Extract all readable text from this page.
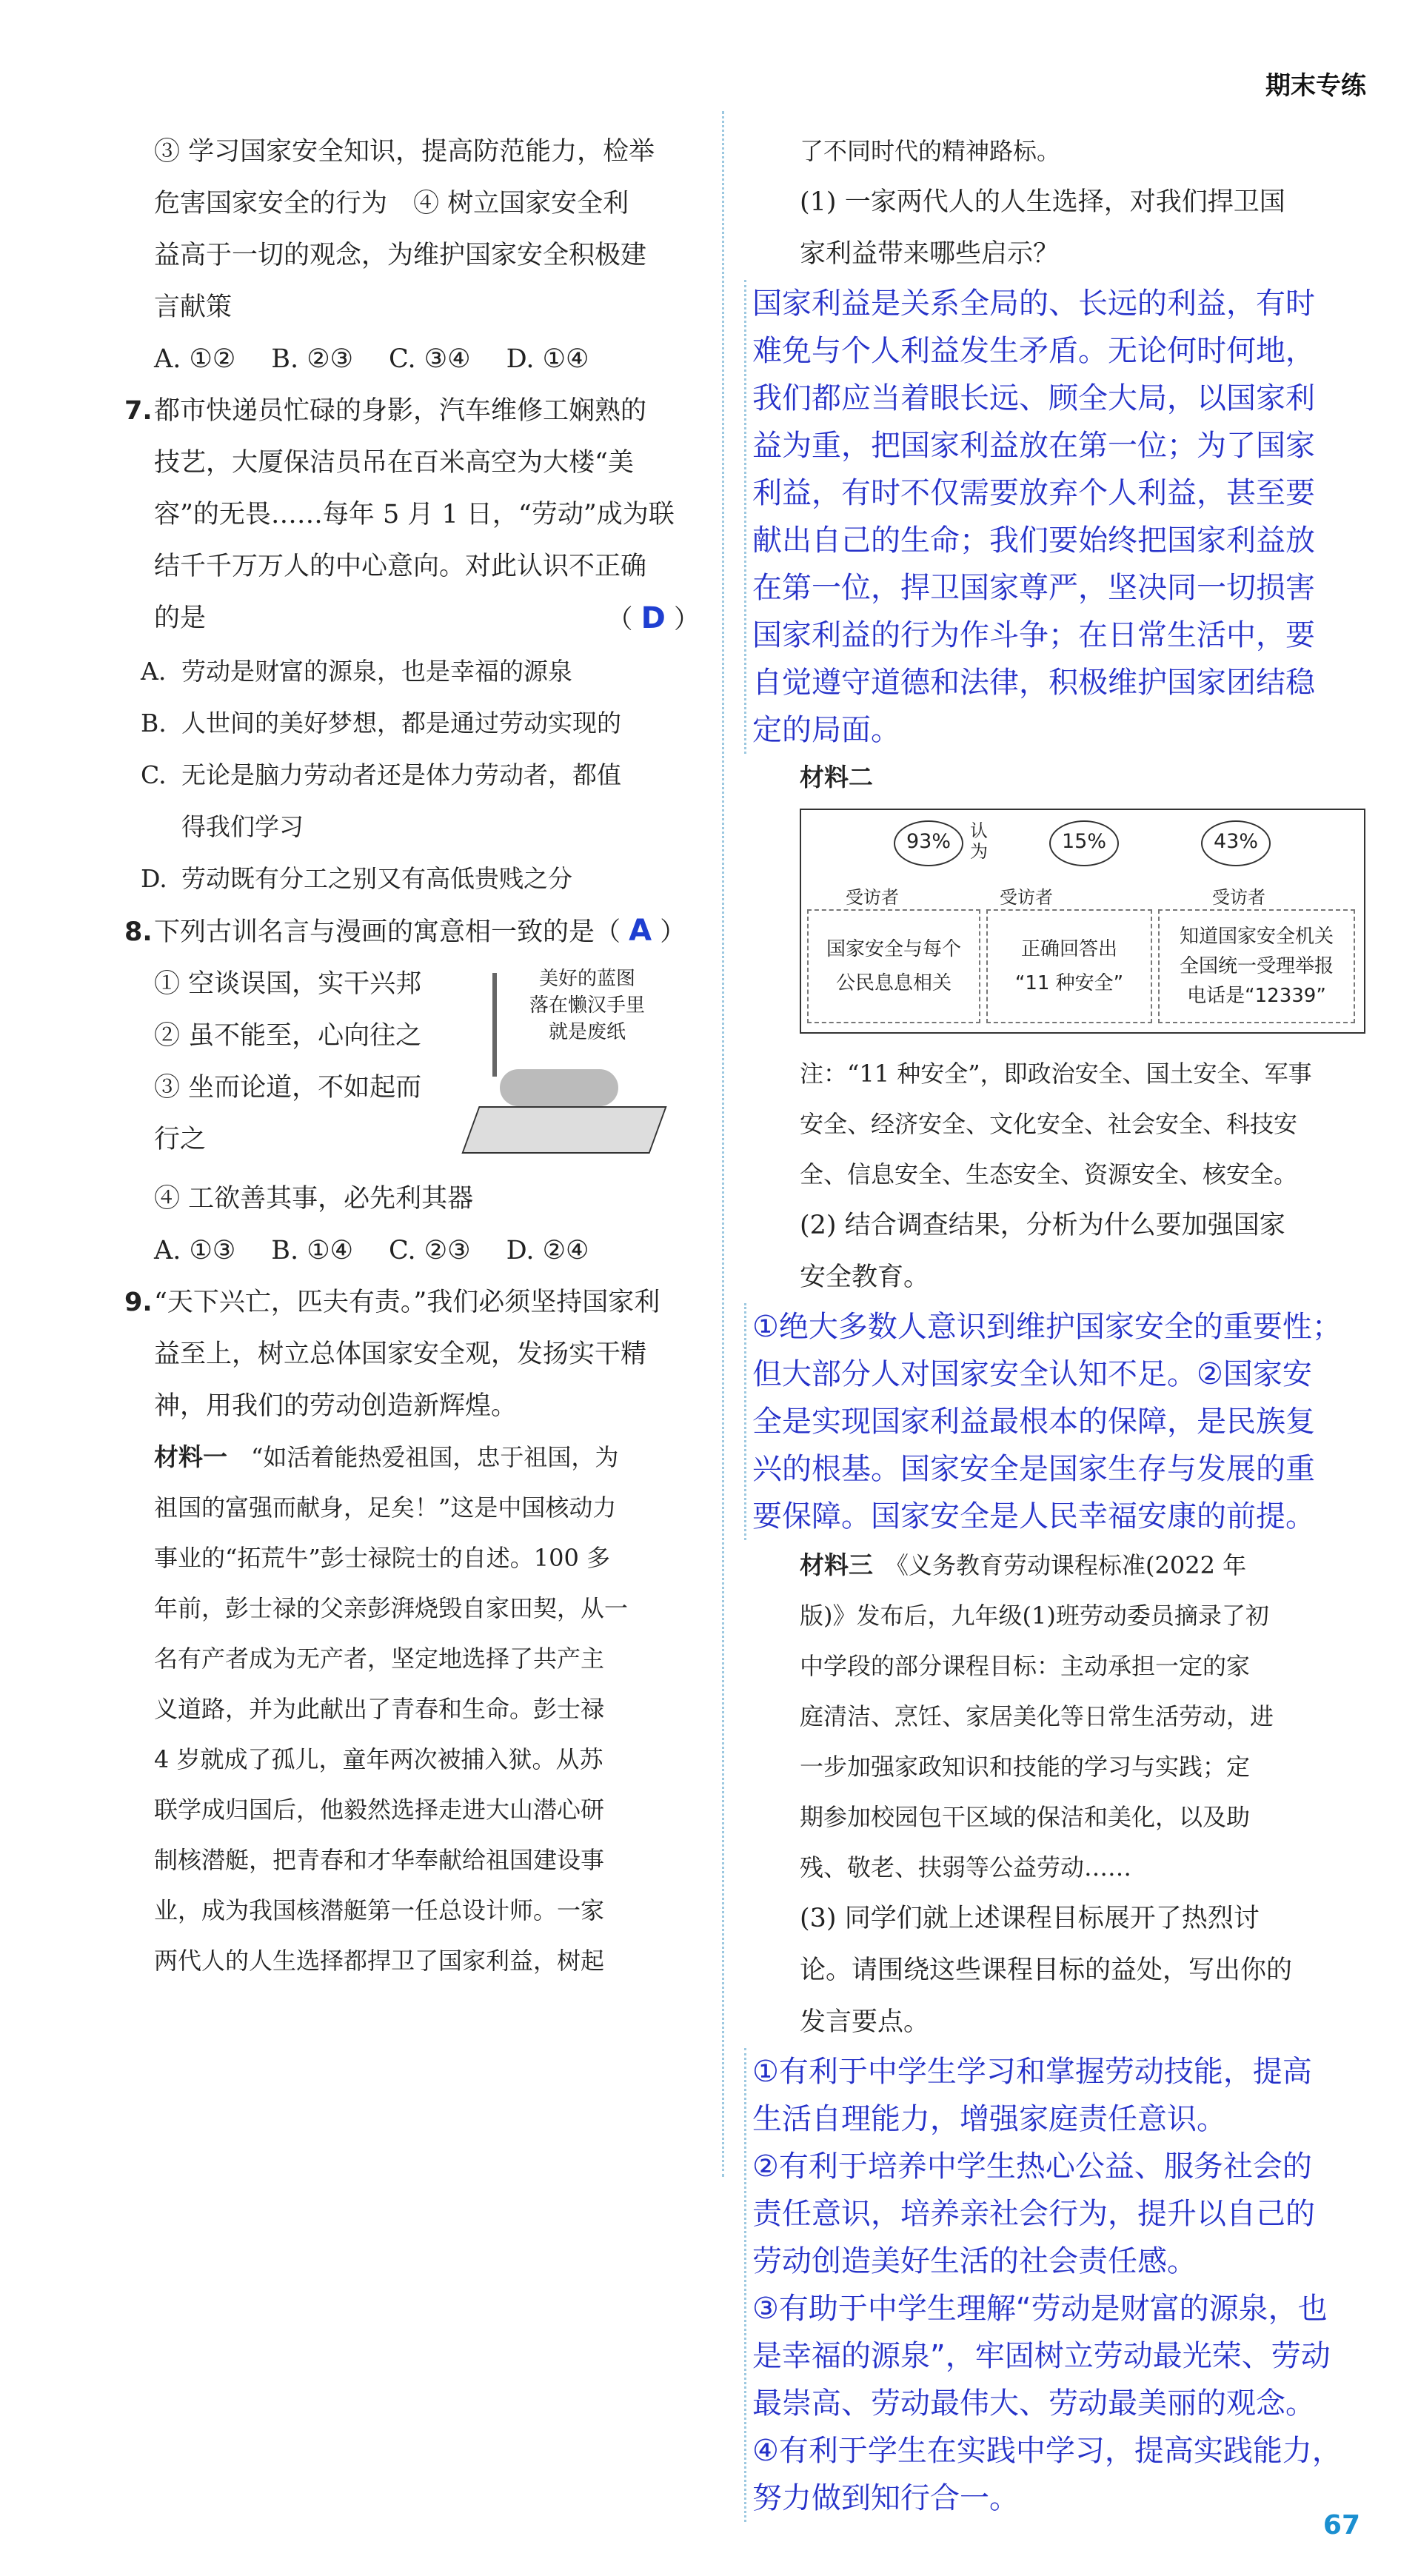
期末专练
③ 学习国家安全知识，提高防范能力，检举
危害国家安全的行为　④ 树立国家安全利
益高于一切的观念，为维护国家安全积极建
言献策
A. ①② B. ②③ C. ③④ D. ①④
7.都市快递员忙碌的身影，汽车维修工娴熟的
技艺，大厦保洁员吊在百米高空为大楼“美
容”的无畏……每年 5 月 1 日，“劳动”成为联
结千千万万人的中心意向。对此认识不正确
的是	（ D ）
A. 劳动是财富的源泉，也是幸福的源泉
B. 人世间的美好梦想，都是通过劳动实现的
C. 无论是脑力劳动者还是体力劳动者，都值
得我们学习
D. 劳动既有分工之别又有高低贵贱之分
8.下列古训名言与漫画的寓意相一致的是（ A ）
美好的蓝图
落在懒汉手里
就是废纸
① 空谈误国，实干兴邦
② 虽不能至，心向往之
③ 坐而论道，不如起而
行之
④ 工欲善其事，必先利其器
A. ①③ B. ①④ C. ②③ D. ②④
9.“天下兴亡，匹夫有责。”我们必须坚持国家利
益至上，树立总体国家安全观，发扬实干精
神，用我们的劳动创造新辉煌。
材料一　 “如活着能热爱祖国，忠于祖国，为
祖国的富强而献身，足矣！”这是中国核动力
事业的“拓荒牛”彭士禄院士的自述。100 多
年前，彭士禄的父亲彭湃烧毁自家田契，从一
名有产者成为无产者，坚定地选择了共产主
义道路，并为此献出了青春和生命。彭士禄
4 岁就成了孤儿，童年两次被捕入狱。从苏
联学成归国后，他毅然选择走进大山潜心研
制核潜艇，把青春和才华奉献给祖国建设事
业，成为我国核潜艇第一任总设计师。一家
两代人的人生选择都捍卫了国家利益，树起
了不同时代的精神路标。
(1) 一家两代人的人生选择，对我们捍卫国
家利益带来哪些启示？
国家利益是关系全局的、长远的利益，有时
难免与个人利益发生矛盾。无论何时何地，
我们都应当着眼长远、顾全大局，以国家利
益为重，把国家利益放在第一位；为了国家
利益，有时不仅需要放弃个人利益，甚至要
献出自己的生命；我们要始终把国家利益放
在第一位，捍卫国家尊严，坚决同一切损害
国家利益的行为作斗争；在日常生活中，要
自觉遵守道德和法律，积极维护国家团结稳
定的局面。
材料二
93%	认
为	15%	43%
受访者	受访者	受访者
国家安全与每个
公民息息相关
正确回答出
“11 种安全”
知道国家安全机关
全国统一受理举报
电话是“12339”
注：“11 种安全”，即政治安全、国土安全、军事
安全、经济安全、文化安全、社会安全、科技安
全、信息安全、生态安全、资源安全、核安全。
(2) 结合调查结果，分析为什么要加强国家
安全教育。
①绝大多数人意识到维护国家安全的重要性；
但大部分人对国家安全认知不足。②国家安
全是实现国家利益最根本的保障，是民族复
兴的根基。国家安全是国家生存与发展的重
要保障。国家安全是人民幸福安康的前提。
材料三　 《义务教育劳动课程标准(2022 年
版)》发布后，九年级(1)班劳动委员摘录了初
中学段的部分课程目标：主动承担一定的家
庭清洁、烹饪、家居美化等日常生活劳动，进
一步加强家政知识和技能的学习与实践；定
期参加校园包干区域的保洁和美化，以及助
残、敬老、扶弱等公益劳动……
(3) 同学们就上述课程目标展开了热烈讨
论。请围绕这些课程目标的益处，写出你的
发言要点。
①有利于中学生学习和掌握劳动技能，提高
生活自理能力，增强家庭责任意识。
②有利于培养中学生热心公益、服务社会的
责任意识，培养亲社会行为，提升以自己的
劳动创造美好生活的社会责任感。
③有助于中学生理解“劳动是财富的源泉，也
是幸福的源泉”，牢固树立劳动最光荣、劳动
最崇高、劳动最伟大、劳动最美丽的观念。
④有利于学生在实践中学习，提高实践能力，
努力做到知行合一。
67
